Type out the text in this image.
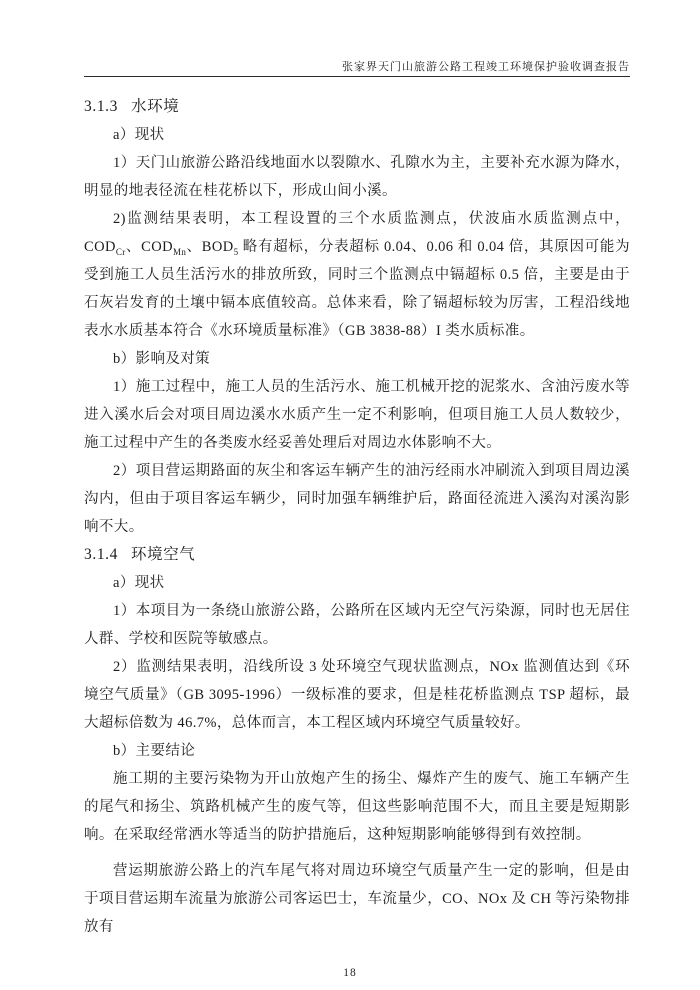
张家界天门山旅游公路工程竣工环境保护验收调查报告
3.1.3 水环境

a）现状

1）天门山旅游公路沿线地面水以裂隙水、孔隙水为主，主要补充水源为降水，明显的地表径流在桂花桥以下，形成山间小溪。

2)监测结果表明，本工程设置的三个水质监测点，伏波庙水质监测点中，$COD_{Cr}$、$COD_{Mn}$、$BOD_5$ 略有超标，分表超标 0.04、0.06 和 0.04 倍，其原因可能为受到施工人员生活污水的排放所致，同时三个监测点中镉超标 0.5 倍，主要是由于石灰岩发育的土壤中镉本底值较高。总体来看，除了镉超标较为厉害，工程沿线地表水水质基本符合《水环境质量标准》（GB 3838-88）I 类水质标准。

b）影响及对策

1）施工过程中，施工人员的生活污水、施工机械开挖的泥浆水、含油污废水等进入溪水后会对项目周边溪水水质产生一定不利影响，但项目施工人员人数较少，施工过程中产生的各类废水经妥善处理后对周边水体影响不大。

2）项目营运期路面的灰尘和客运车辆产生的油污经雨水冲刷流入到项目周边溪沟内，但由于项目客运车辆少，同时加强车辆维护后，路面径流进入溪沟对溪沟影响不大。

3.1.4 环境空气

a）现状

1）本项目为一条绕山旅游公路，公路所在区域内无空气污染源，同时也无居住人群、学校和医院等敏感点。

2）监测结果表明，沿线所设 3 处环境空气现状监测点，NOx 监测值达到《环境空气质量》（GB 3095-1996）一级标准的要求，但是桂花桥监测点 TSP 超标，最大超标倍数为 46.7%，总体而言，本工程区域内环境空气质量较好。

b）主要结论

施工期的主要污染物为开山放炮产生的扬尘、爆炸产生的废气、施工车辆产生的尾气和扬尘、筑路机械产生的废气等，但这些影响范围不大，而且主要是短期影响。在采取经常洒水等适当的防护措施后，这种短期影响能够得到有效控制。

营运期旅游公路上的汽车尾气将对周边环境空气质量产生一定的影响，但是由于项目营运期车流量为旅游公司客运巴士，车流量少，CO、NOx 及 CH 等污染物排放有

18
